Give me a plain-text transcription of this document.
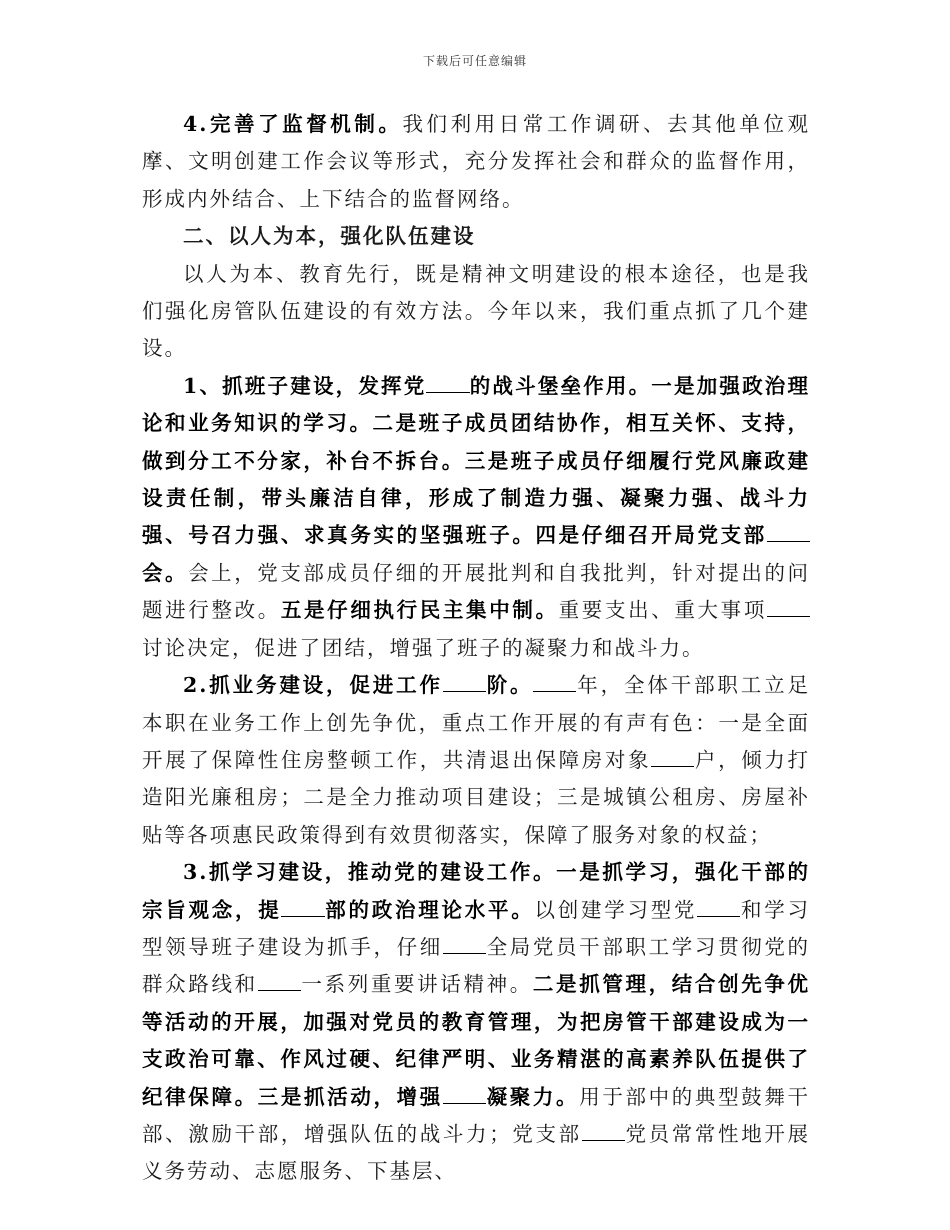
下载后可任意编辑

4.完善了监督机制。我们利用日常工作调研、去其他单位观摩、文明创建工作会议等形式，充分发挥社会和群众的监督作用，形成内外结合、上下结合的监督网络。

二、以人为本，强化队伍建设

以人为本、教育先行，既是精神文明建设的根本途径，也是我们强化房管队伍建设的有效方法。今年以来，我们重点抓了几个建设。

1、抓班子建设，发挥党 的战斗堡垒作用。一是加强政治理论和业务知识的学习。二是班子成员团结协作，相互关怀、支持，做到分工不分家，补台不拆台。三是班子成员仔细履行党风廉政建设责任制，带头廉洁自律，形成了制造力强、凝聚力强、战斗力强、号召力强、求真务实的坚强班子。四是仔细召开局党支部会。会上，党支部成员仔细的开展批判和自我批判，针对提出的问题进行整改。五是仔细执行民主集中制。重要支出、重大事项讨论决定，促进了团结，增强了班子的凝聚力和战斗力。

2.抓业务建设，促进工作 阶。 年，全体干部职工立足本职在业务工作上创先争优，重点工作开展的有声有色：一是全面开展了保障性住房整顿工作，共清退出保障房对象 户，倾力打造阳光廉租房；二是全力推动项目建设；三是城镇公租房、房屋补贴等各项惠民政策得到有效贯彻落实，保障了服务对象的权益；

3.抓学习建设，推动党的建设工作。一是抓学习，强化干部的宗旨观念，提 部的政治理论水平。以创建学习型党 和学习型领导班子建设为抓手，仔细 全局党员干部职工学习贯彻党的群众路线和 一系列重要讲话精神。二是抓管理，结合创先争优等活动的开展，加强对党员的教育管理，为把房管干部建设成为一支政治可靠、作风过硬、纪律严明、业务精湛的高素养队伍提供了纪律保障。三是抓活动，增强 凝聚力。用于部中的典型鼓舞干部、激励干部，增强队伍的战斗力；党支部 党员常常性地开展义务劳动、志愿服务、下基层、
